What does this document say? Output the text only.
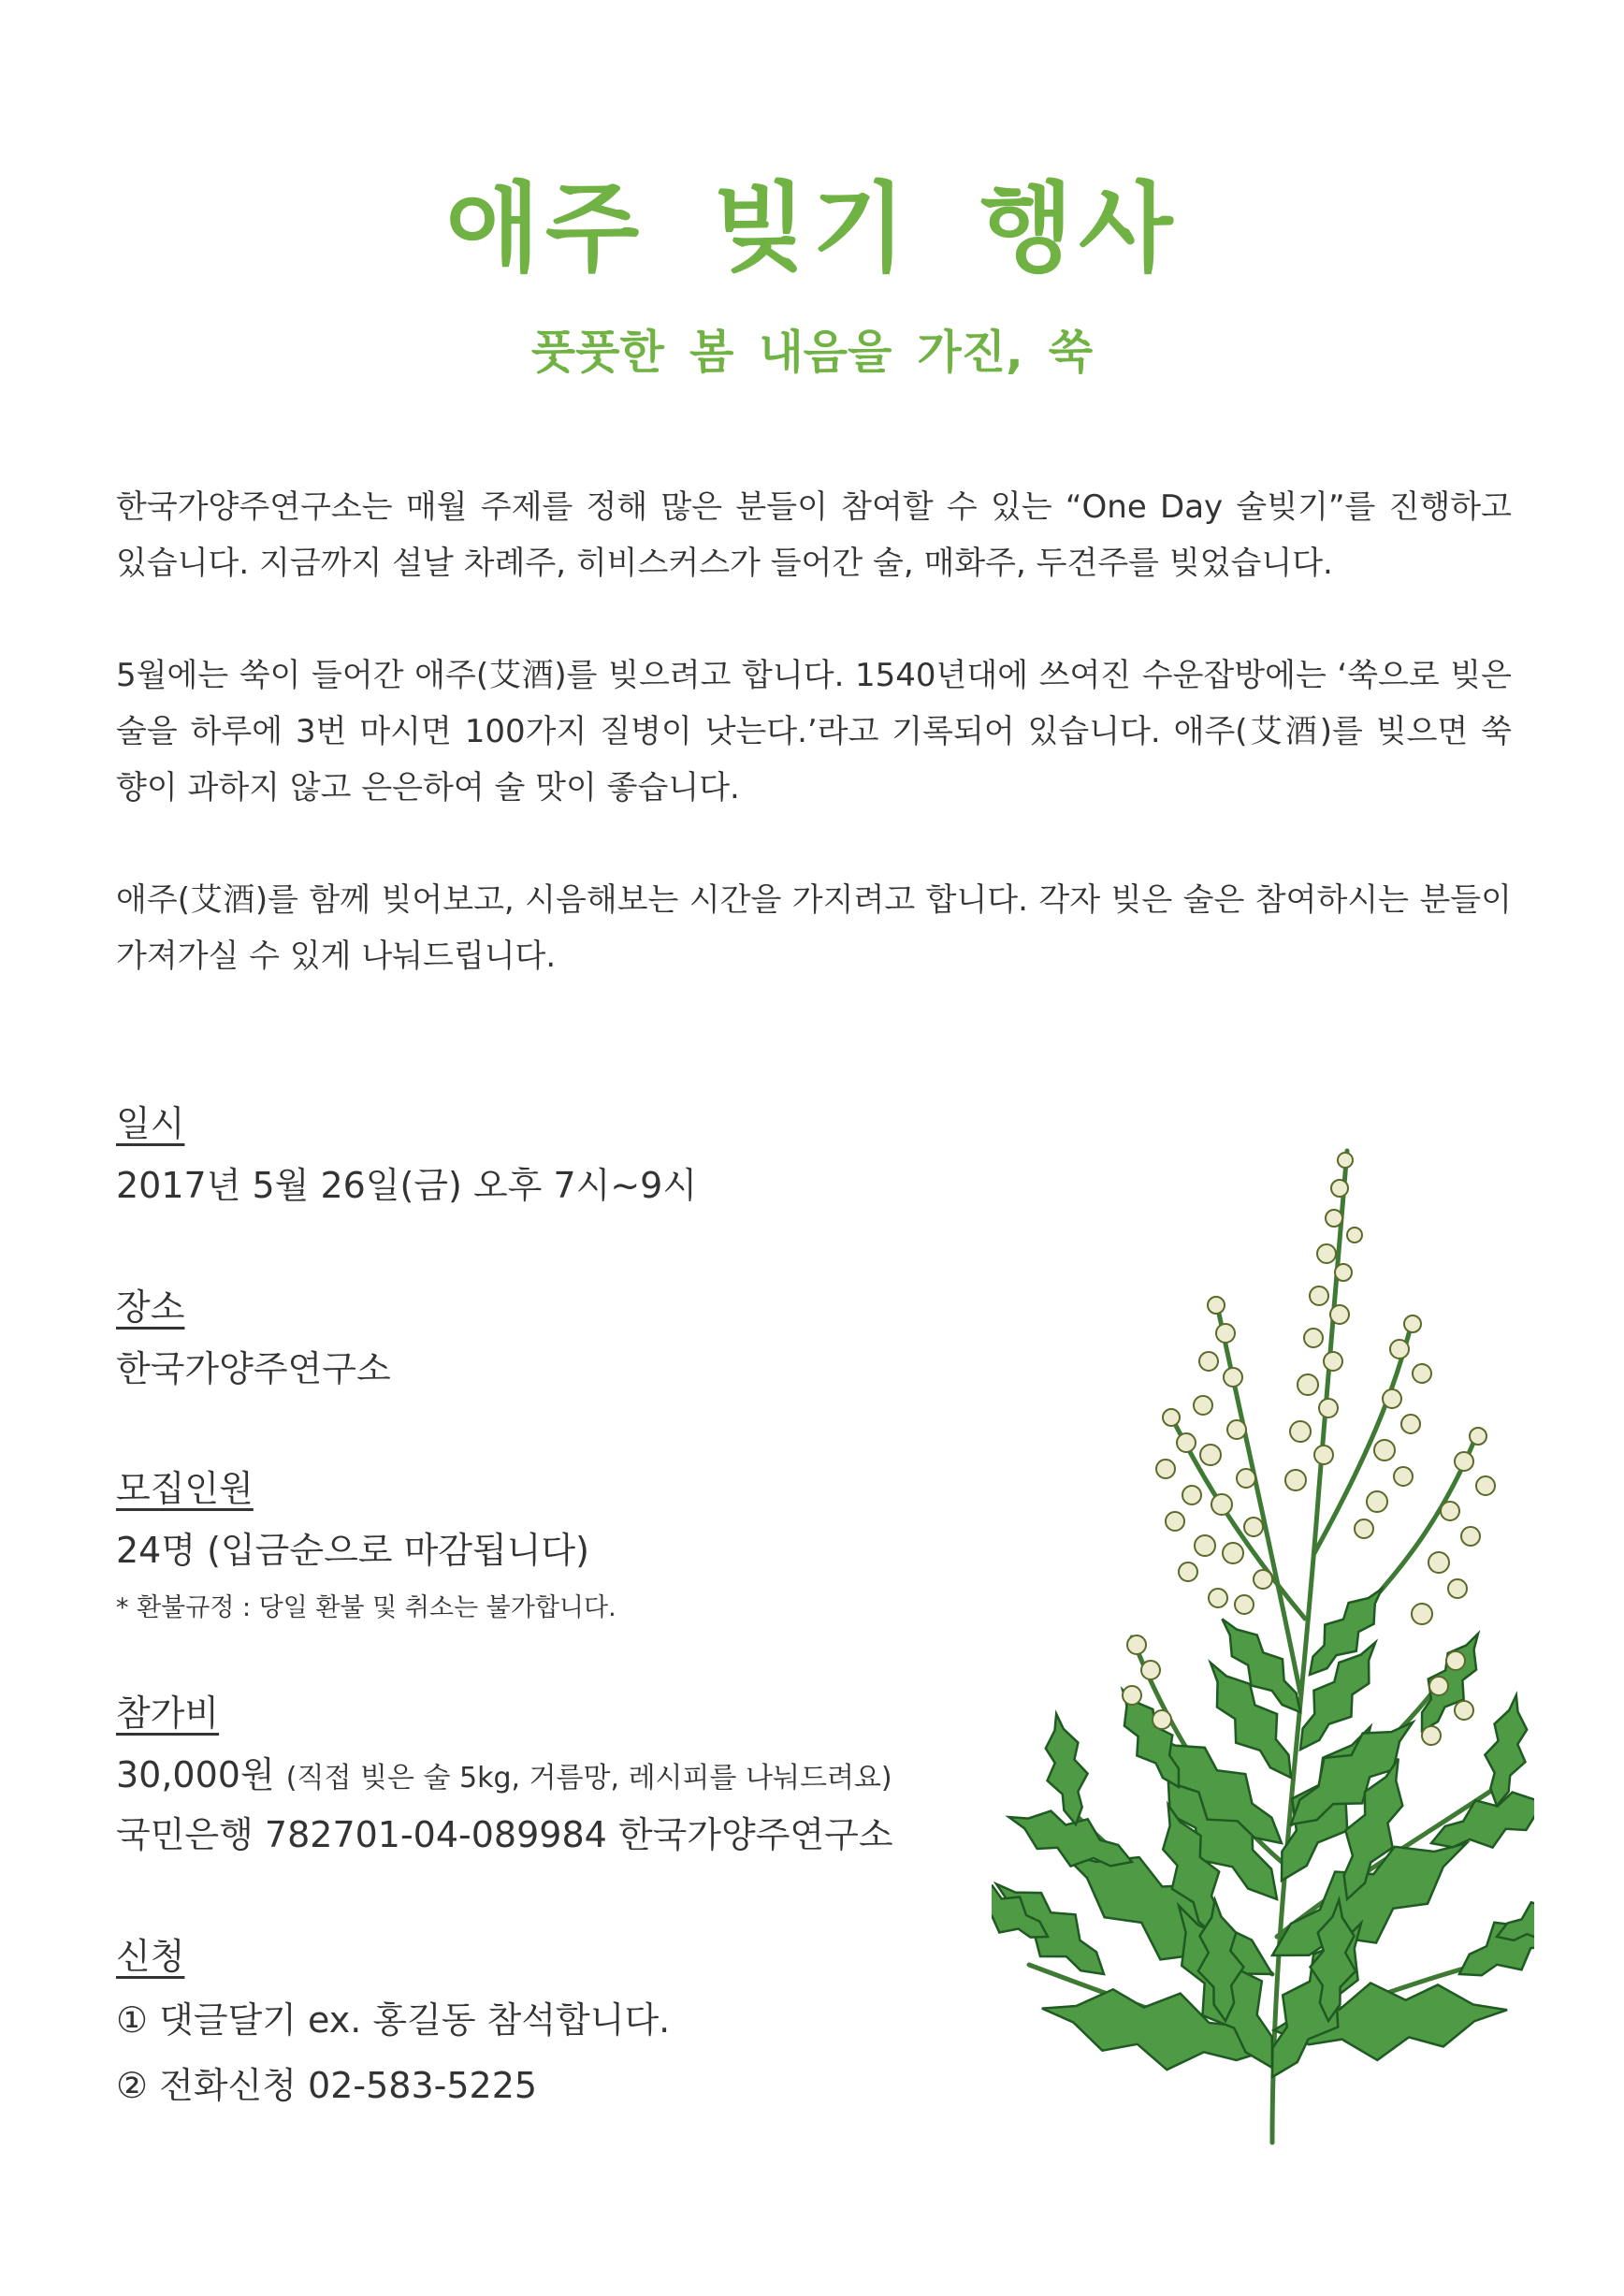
애주 빚기 행사
풋풋한 봄 내음을 가진, 쑥

한국가양주연구소는 매월 주제를 정해 많은 분들이 참여할 수 있는 “One Day 술빚기”를 진행하고 있습니다. 지금까지 설날 차례주, 히비스커스가 들어간 술, 매화주, 두견주를 빚었습니다.

5월에는 쑥이 들어간 애주(艾酒)를 빚으려고 합니다. 1540년대에 쓰여진 수운잡방에는 ‘쑥으로 빚은 술을 하루에 3번 마시면 100가지 질병이 낫는다.’라고 기록되어 있습니다. 애주(艾酒)를 빚으면 쑥 향이 과하지 않고 은은하여 술 맛이 좋습니다.

애주(艾酒)를 함께 빚어보고, 시음해보는 시간을 가지려고 합니다. 각자 빚은 술은 참여하시는 분들이 가져가실 수 있게 나눠드립니다.

일시
2017년 5월 26일(금) 오후 7시~9시
장소
한국가양주연구소
모집인원
24명 (입금순으로 마감됩니다)
* 환불규정 : 당일 환불 및 취소는 불가합니다.
참가비
30,000원 (직접 빚은 술 5kg, 거름망, 레시피를 나눠드려요)
국민은행 782701-04-089984 한국가양주연구소
신청
① 댓글달기 ex. 홍길동 참석합니다.
② 전화신청 02-583-5225
